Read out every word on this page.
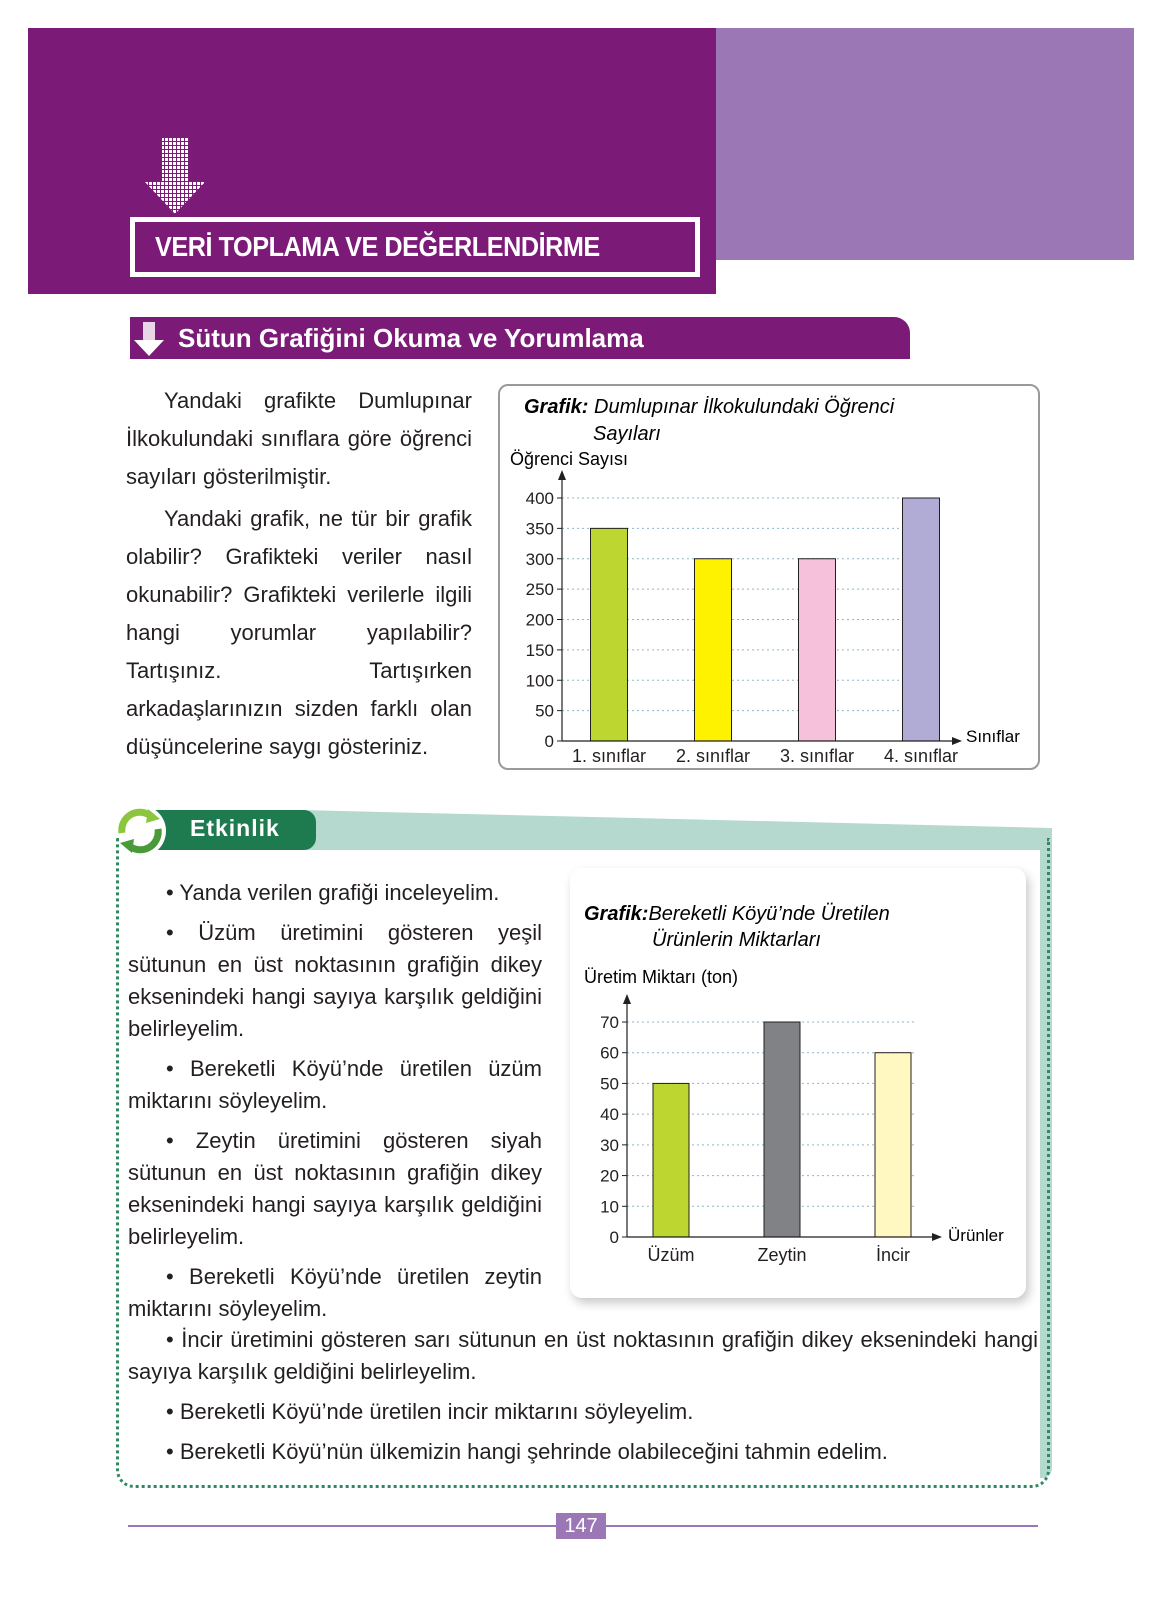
VERİ TOPLAMA VE DEĞERLENDİRME
Sütun Grafiğini Okuma ve Yorumlama

Yandaki grafikte Dumlupınar İlkokulundaki sınıflara göre öğrenci sayıları gösterilmiştir.

Yandaki grafik, ne tür bir grafik olabilir? Grafikteki veriler nasıl okunabilir? Grafikteki verilerle ilgili hangi yorumlar yapılabilir? Tartışınız. Tartışırken arkadaşlarınızın sizden farklı olan düşüncelerine saygı gösteriniz.

Grafik: Dumlupınar İlkokulundaki Öğrenci
Sayıları
Öğrenci Sayısı
Sınıflar
0
50
100
150
200
250
300
350
400
1. sınıflar 2. sınıflar 3. sınıflar 4. sınıflar
Etkinlik
• Yanda verilen grafiği inceleyelim.
• Üzüm üretimini gösteren yeşil sütunun en üst noktasının grafiğin dikey eksenindeki hangi sayıya karşılık geldiğini belirleyelim.
• Bereketli Köyü’nde üretilen üzüm miktarını söyleyelim.
• Zeytin üretimini gösteren siyah sütunun en üst noktasının grafiğin dikey eksenindeki hangi sayıya karşılık geldiğini belirleyelim.
• Bereketli Köyü’nde üretilen zeytin miktarını söyleyelim.
Grafik:Bereketli Köyü’nde Üretilen
Ürünlerin Miktarları
Üretim Miktarı (ton)
Ürünler
0
10
20
30
40
50
60
70
Üzüm	Zeytin	İncir
• İncir üretimini gösteren sarı sütunun en üst noktasının grafiğin dikey eksenindeki hangi sayıya karşılık geldiğini belirleyelim.
• Bereketli Köyü’nde üretilen incir miktarını söyleyelim.
• Bereketli Köyü’nün ülkemizin hangi şehrinde olabileceğini tahmin edelim.
147
